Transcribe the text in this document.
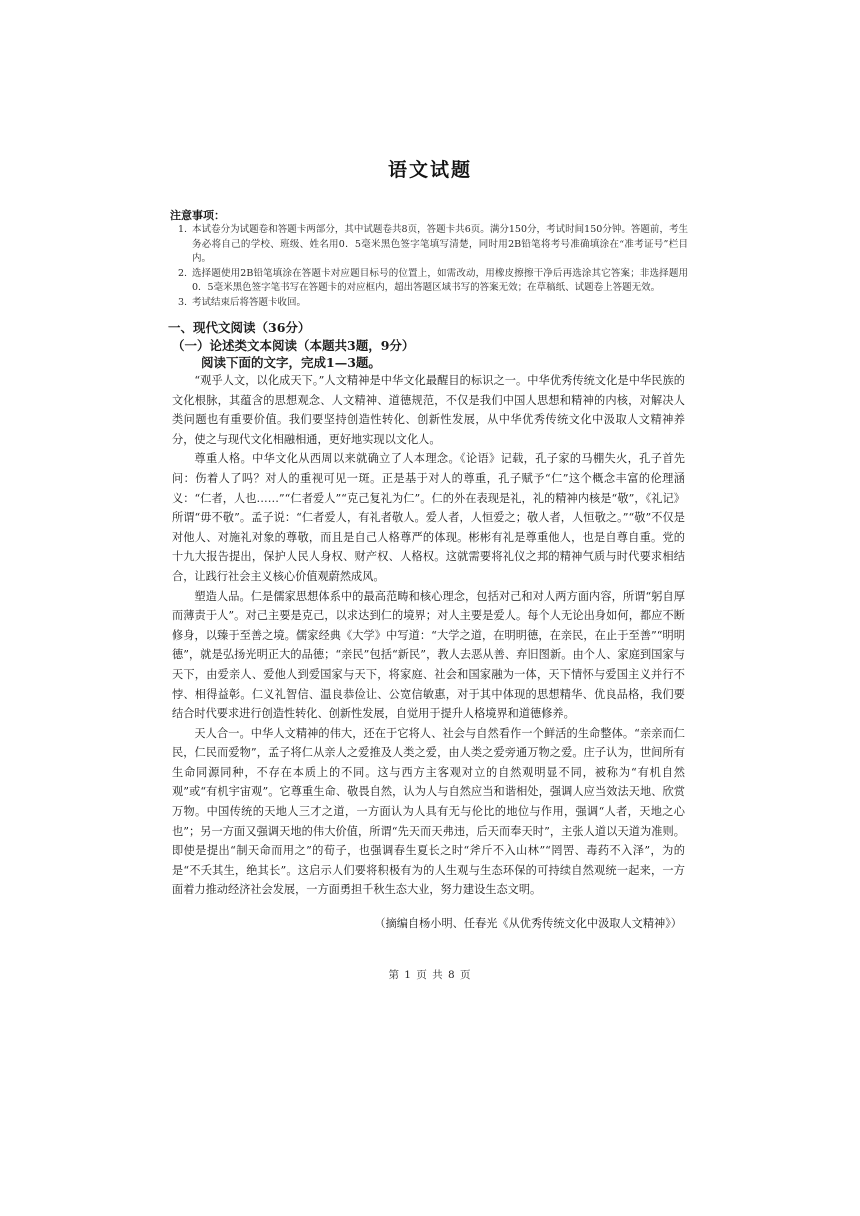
语文试题
注意事项：
1. 本试卷分为试题卷和答题卡两部分，其中试题卷共8页，答题卡共6页。满分150分，考试时间150分钟。答题前，考生务必将自己的学校、班级、姓名用0．5毫米黑色签字笔填写清楚，同时用2B铅笔将考号准确填涂在“准考证号”栏目内。
2. 选择题使用2B铅笔填涂在答题卡对应题目标号的位置上，如需改动，用橡皮擦擦干净后再选涂其它答案；非选择题用0．5毫米黑色签字笔书写在答题卡的对应框内，超出答题区域书写的答案无效；在草稿纸、试题卷上答题无效。
3. 考试结束后将答题卡收回。
一、现代文阅读（36分）
（一）论述类文本阅读（本题共3题，9分）
阅读下面的文字，完成1—3题。

“观乎人文，以化成天下。”人文精神是中华文化最醒目的标识之一。中华优秀传统文化是中华民族的文化根脉，其蕴含的思想观念、人文精神、道德规范，不仅是我们中国人思想和精神的内核，对解决人类问题也有重要价值。我们要坚持创造性转化、创新性发展，从中华优秀传统文化中汲取人文精神养分，使之与现代文化相融相通，更好地实现以文化人。

尊重人格。中华文化从西周以来就确立了人本理念。《论语》记载，孔子家的马棚失火，孔子首先问：伤着人了吗？对人的重视可见一斑。正是基于对人的尊重，孔子赋予“仁”这个概念丰富的伦理涵义：“仁者，人也……”“仁者爱人”“克己复礼为仁”。仁的外在表现是礼，礼的精神内核是“敬”，《礼记》所谓“毋不敬”。孟子说：“仁者爱人，有礼者敬人。爱人者，人恒爱之；敬人者，人恒敬之。”“敬”不仅是对他人、对施礼对象的尊敬，而且是自己人格尊严的体现。彬彬有礼是尊重他人，也是自尊自重。党的十九大报告提出，保护人民人身权、财产权、人格权。这就需要将礼仪之邦的精神气质与时代要求相结合，让践行社会主义核心价值观蔚然成风。

塑造人品。仁是儒家思想体系中的最高范畴和核心理念，包括对己和对人两方面内容，所谓“躬自厚而薄责于人”。对己主要是克己，以求达到仁的境界；对人主要是爱人。每个人无论出身如何，都应不断修身，以臻于至善之境。儒家经典《大学》中写道：“大学之道，在明明德，在亲民，在止于至善”“明明德”，就是弘扬光明正大的品德；“亲民”包括“新民”，教人去恶从善、弃旧图新。由个人、家庭到国家与天下，由爱亲人、爱他人到爱国家与天下，将家庭、社会和国家融为一体，天下情怀与爱国主义并行不悖、相得益彰。仁义礼智信、温良恭俭让、公宽信敏惠，对于其中体现的思想精华、优良品格，我们要结合时代要求进行创造性转化、创新性发展，自觉用于提升人格境界和道德修养。

天人合一。中华人文精神的伟大，还在于它将人、社会与自然看作一个鲜活的生命整体。“亲亲而仁民，仁民而爱物”，孟子将仁从亲人之爱推及人类之爱，由人类之爱旁通万物之爱。庄子认为，世间所有生命同源同种，不存在本质上的不同。这与西方主客观对立的自然观明显不同，被称为“有机自然观”或“有机宇宙观”。它尊重生命、敬畏自然，认为人与自然应当和谐相处，强调人应当效法天地、欣赏万物。中国传统的天地人三才之道，一方面认为人具有无与伦比的地位与作用，强调“人者，天地之心也”；另一方面又强调天地的伟大价值，所谓“先天而天弗违，后天而奉天时”，主张人道以天道为准则。即使是提出“制天命而用之”的荀子，也强调春生夏长之时“斧斤不入山林”“罔罟、毒药不入泽”，为的是“不夭其生，绝其长”。这启示人们要将积极有为的人生观与生态环保的可持续自然观统一起来，一方面着力推动经济社会发展，一方面勇担千秋生态大业，努力建设生态文明。

（摘编自杨小明、任春光《从优秀传统文化中汲取人文精神》）
第 1 页 共 8 页
